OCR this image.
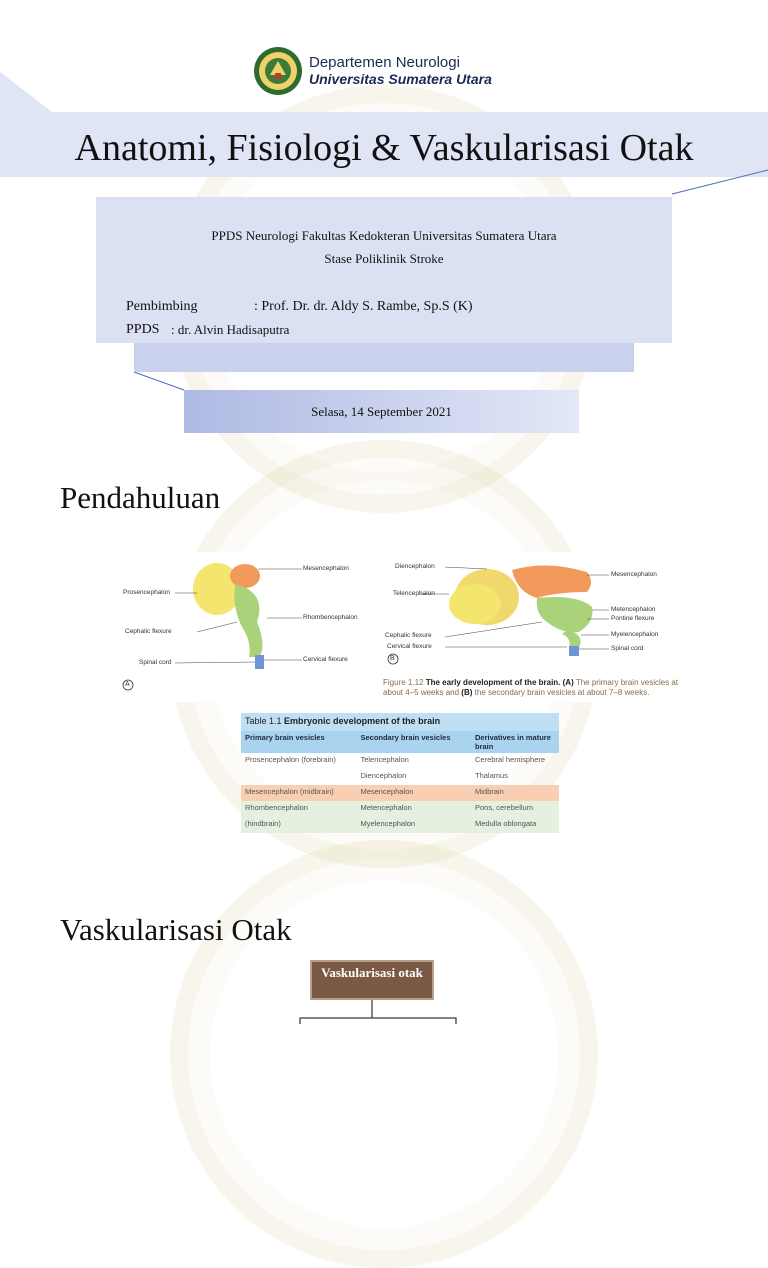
Departemen Neurologi
Universitas Sumatera Utara
Anatomi, Fisiologi & Vaskularisasi Otak
PPDS Neurologi Fakultas Kedokteran Universitas Sumatera Utara
Stase Poliklinik Stroke
Pembimbing	: Prof. Dr. dr. Aldy S. Rambe, Sp.S (K)
PPDS : dr. Alvin Hadisaputra
Selasa, 14 September 2021
Pendahuluan
Mesencephalon
Prosencephalon
Rhombencephalon
Cephalic flexure
Spinal cord	Cervical flexure
A
Diencephalon
Telencephalon
Mesencephalon
Metencephalon
Pontine flexure
Cephalic flexure	Myelencephalon
Cervical flexure	Spinal cord
B
Figure 1.12 The early development of the brain. (A) The primary brain vesicles at about 4–5 weeks and (B) the secondary brain vesicles at about 7–8 weeks.
Table 1.1 Embryonic development of the brain		
Primary brain vesicles	Secondary brain vesicles	Derivatives in mature brain
Prosencephalon (forebrain)	Telencephalon	Cerebral hemisphere
	Diencephalon	Thalamus
Mesencephalon (midbrain)	Mesencephalon	Midbrain
Rhombencephalon	Metencephalon	Pons, cerebellum
(hindbrain)	Myelencephalon	Medulla oblongata
Vaskularisasi Otak
Vaskularisasi otak
